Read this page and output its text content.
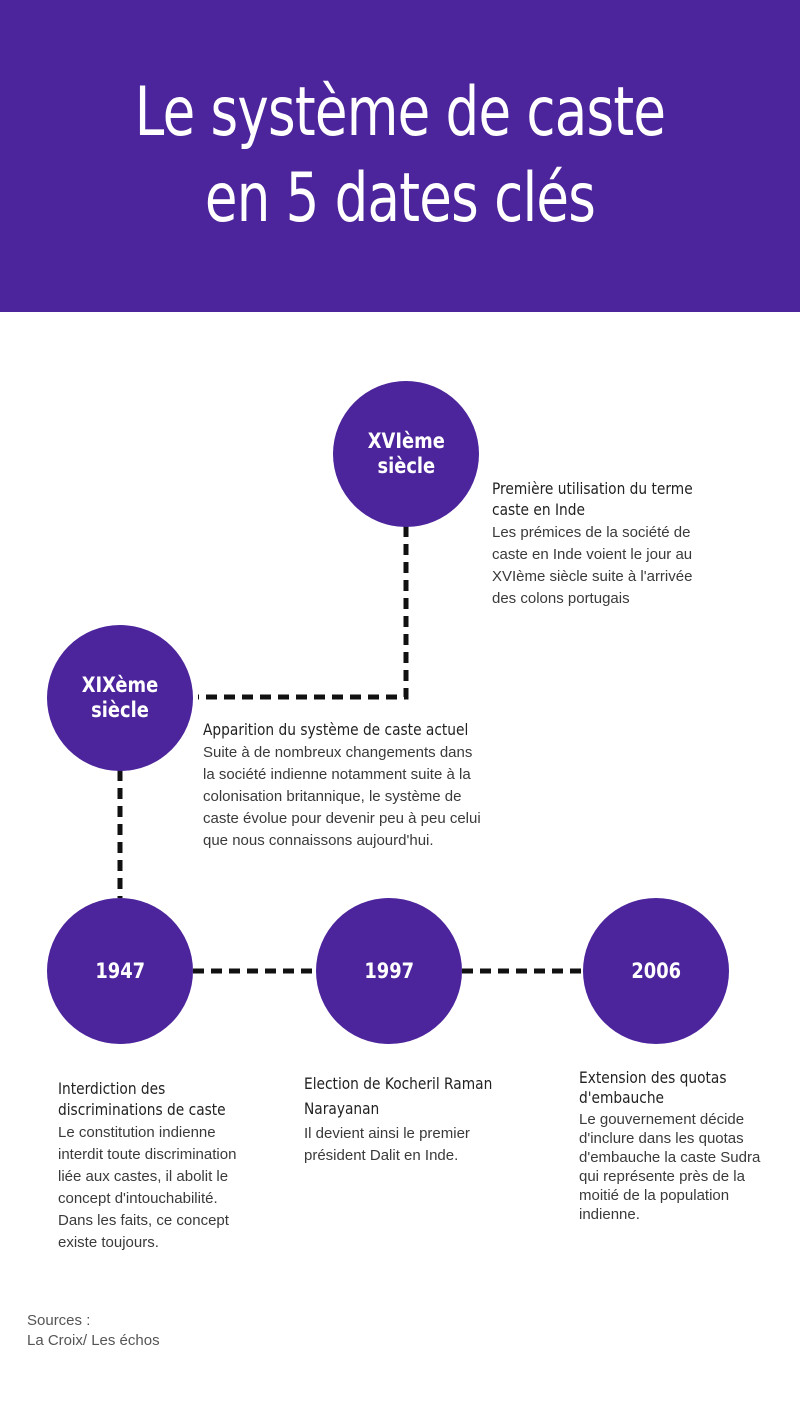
Le système de caste
en 5 dates clés
XVIème
siècle
XIXème
siècle
1947	1997	2006
Première utilisation du terme caste en Inde
Les prémices de la société de caste en Inde voient le jour au XVIème siècle suite à l'arrivée des colons portugais
Apparition du système de caste actuel
Suite à de nombreux changements dans la société indienne notamment suite à la colonisation britannique, le système de caste évolue pour devenir peu à peu celui que nous connaissons aujourd'hui.
Interdiction des discriminations de caste
Le constitution indienne interdit toute discrimination liée aux castes, il abolit le concept d'intouchabilité. Dans les faits, ce concept existe toujours.
Election de Kocheril Raman Narayanan
Il devient ainsi le premier président Dalit en Inde.
Extension des quotas d'embauche
Le gouvernement décide d'inclure dans les quotas d'embauche la caste Sudra qui représente près de la moitié de la population indienne.
Sources :
La Croix/ Les échos
